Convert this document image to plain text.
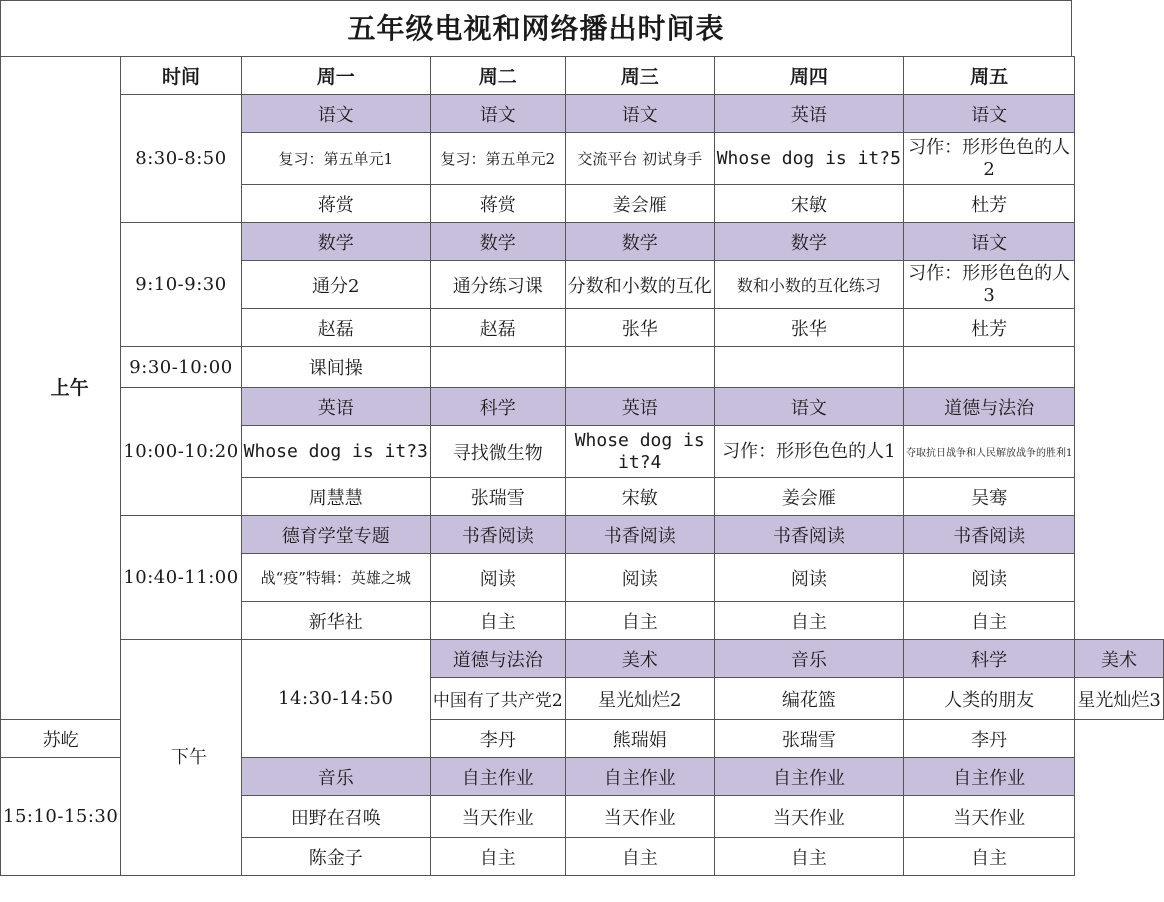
五年级电视和网络播出时间表
上午	时间	周一	周二	周三	周四	周五	
	8:30-8:50	语文	语文	语文	英语	语文	
		复习：第五单元1	复习：第五单元2	交流平台 初试身手	Whose dog is it?5	习作：形形色色的人2	
		蒋赏	蒋赏	姜会雁	宋敏	杜芳	
	9:10-9:30	数学	数学	数学	数学	语文	
		通分2	通分练习课	分数和小数的互化	数和小数的互化练习	习作：形形色色的人3	
		赵磊	赵磊	张华	张华	杜芳	
	9:30-10:00	课间操					
	10:00-10:20	英语	科学	英语	语文	道德与法治	
		Whose dog is it?3	寻找微生物	Whose dog is it?4	习作：形形色色的人1	夺取抗日战争和人民解放战争的胜利1	
		周慧慧	张瑞雪	宋敏	姜会雁	吴骞	
	10:40-11:00	德育学堂专题	书香阅读	书香阅读	书香阅读	书香阅读	
		战“疫”特辑：英雄之城	阅读	阅读	阅读	阅读	
		新华社	自主	自主	自主	自主	
	下午	14:30-14:50	道德与法治	美术	音乐	科学	美术
			中国有了共产党2	星光灿烂2	编花篮	人类的朋友	星光灿烂3
苏屹			李丹	熊瑞娟	张瑞雪	李丹	
15:10-15:30		音乐	自主作业	自主作业	自主作业	自主作业	
		田野在召唤	当天作业	当天作业	当天作业	当天作业	
		陈金子	自主	自主	自主	自主	
